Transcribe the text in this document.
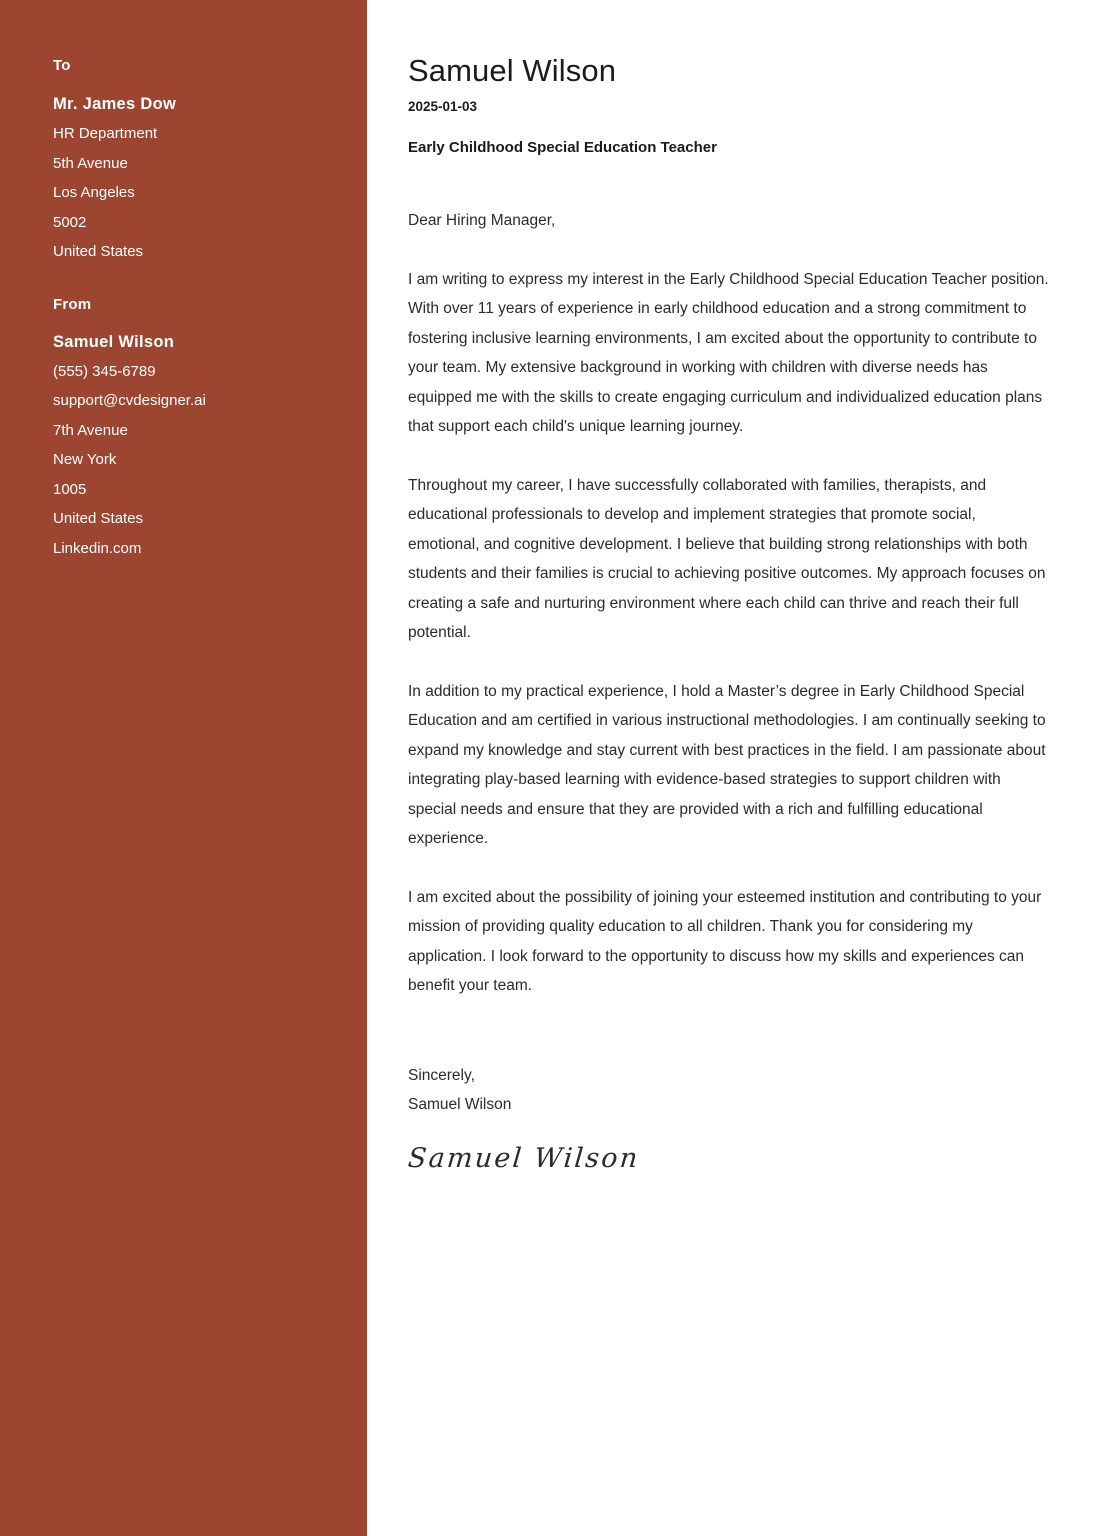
To
Mr. James Dow
HR Department
5th Avenue
Los Angeles
5002
United States
From
Samuel Wilson
(555) 345-6789
support@cvdesigner.ai
7th Avenue
New York
1005
United States
Linkedin.com
Samuel Wilson
2025-01-03
Early Childhood Special Education Teacher

Dear Hiring Manager,

I am writing to express my interest in the Early Childhood Special Education Teacher position. With over 11 years of experience in early childhood education and a strong commitment to fostering inclusive learning environments, I am excited about the opportunity to contribute to your team. My extensive background in working with children with diverse needs has equipped me with the skills to create engaging curriculum and individualized education plans that support each child's unique learning journey.

Throughout my career, I have successfully collaborated with families, therapists, and educational professionals to develop and implement strategies that promote social, emotional, and cognitive development. I believe that building strong relationships with both students and their families is crucial to achieving positive outcomes. My approach focuses on creating a safe and nurturing environment where each child can thrive and reach their full potential.

In addition to my practical experience, I hold a Master’s degree in Early Childhood Special Education and am certified in various instructional methodologies. I am continually seeking to expand my knowledge and stay current with best practices in the field. I am passionate about integrating play-based learning with evidence-based strategies to support children with special needs and ensure that they are provided with a rich and fulfilling educational experience.

I am excited about the possibility of joining your esteemed institution and contributing to your mission of providing quality education to all children. Thank you for considering my application. I look forward to the opportunity to discuss how my skills and experiences can benefit your team.

Sincerely,
Samuel Wilson
Samuel Wilson
